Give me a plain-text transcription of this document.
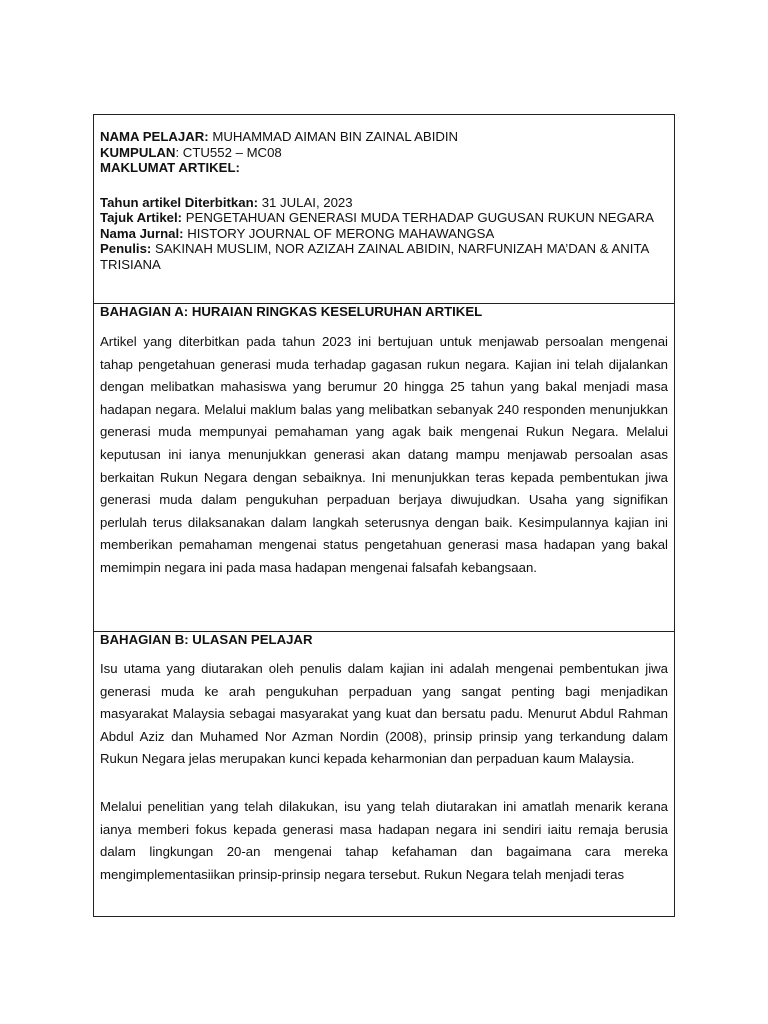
NAMA PELAJAR: MUHAMMAD AIMAN BIN ZAINAL ABIDIN

KUMPULAN: CTU552 – MC08

MAKLUMAT ARTIKEL:

Tahun artikel Diterbitkan: 31 JULAI, 2023

Tajuk Artikel: PENGETAHUAN GENERASI MUDA TERHADAP GUGUSAN RUKUN NEGARA

Nama Jurnal: HISTORY JOURNAL OF MERONG MAHAWANGSA

Penulis: SAKINAH MUSLIM, NOR AZIZAH ZAINAL ABIDIN, NARFUNIZAH MA’DAN & ANITA TRISIANA

BAHAGIAN A: HURAIAN RINGKAS KESELURUHAN ARTIKEL

Artikel yang diterbitkan pada tahun 2023 ini bertujuan untuk menjawab persoalan mengenai tahap pengetahuan generasi muda terhadap gagasan rukun negara. Kajian ini telah dijalankan dengan melibatkan mahasiswa yang berumur 20 hingga 25 tahun yang bakal menjadi masa hadapan negara. Melalui maklum balas yang melibatkan sebanyak 240 responden menunjukkan generasi muda mempunyai pemahaman yang agak baik mengenai Rukun Negara. Melalui keputusan ini ianya menunjukkan generasi akan datang mampu menjawab persoalan asas berkaitan Rukun Negara dengan sebaiknya. Ini menunjukkan teras kepada pembentukan jiwa generasi muda dalam pengukuhan perpaduan berjaya diwujudkan. Usaha yang signifikan perlulah terus dilaksanakan dalam langkah seterusnya dengan baik. Kesimpulannya kajian ini memberikan pemahaman mengenai status pengetahuan generasi masa hadapan yang bakal memimpin negara ini pada masa hadapan mengenai falsafah kebangsaan.

BAHAGIAN B: ULASAN PELAJAR

Isu utama yang diutarakan oleh penulis dalam kajian ini adalah mengenai pembentukan jiwa generasi muda ke arah pengukuhan perpaduan yang sangat penting bagi menjadikan masyarakat Malaysia sebagai masyarakat yang kuat dan bersatu padu. Menurut Abdul Rahman Abdul Aziz dan Muhamed Nor Azman Nordin (2008), prinsip prinsip yang terkandung dalam Rukun Negara jelas merupakan kunci kepada keharmonian dan perpaduan kaum Malaysia.

Melalui penelitian yang telah dilakukan, isu yang telah diutarakan ini amatlah menarik kerana ianya memberi fokus kepada generasi masa hadapan negara ini sendiri iaitu remaja berusia dalam lingkungan 20-an mengenai tahap kefahaman dan bagaimana cara mereka mengimplementasiikan prinsip-prinsip negara tersebut. Rukun Negara telah menjadi teras
